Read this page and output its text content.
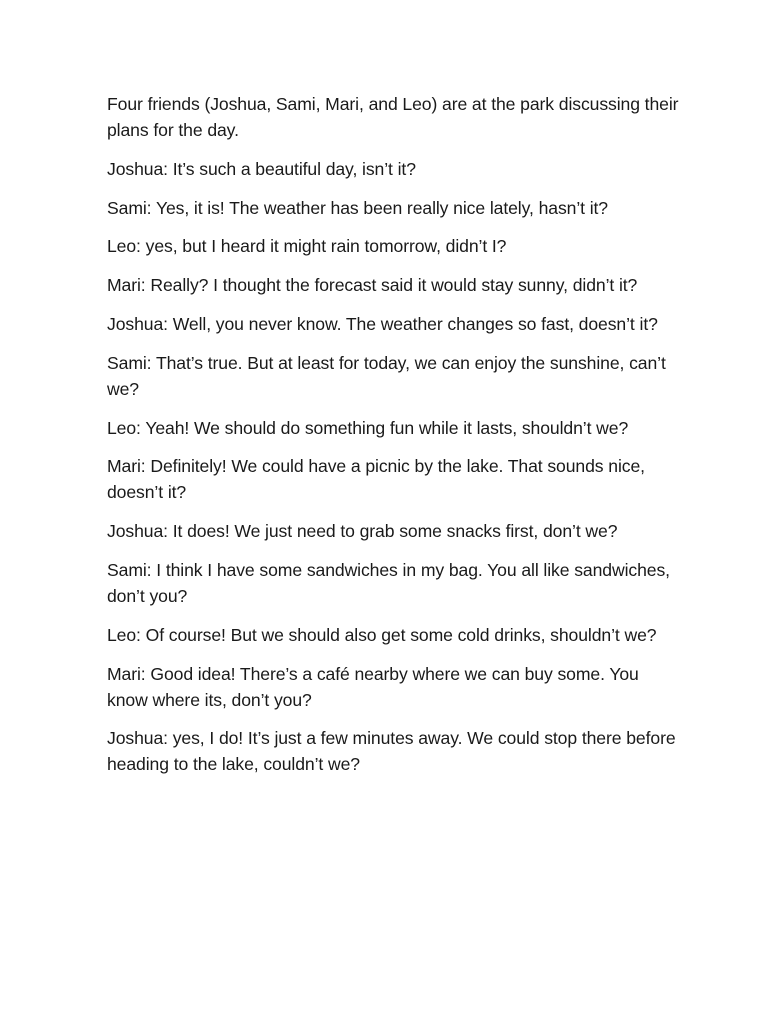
Four friends (Joshua, Sami, Mari, and Leo) are at the park discussing their plans for the day.

Joshua: It’s such a beautiful day, isn’t it?

Sami: Yes, it is! The weather has been really nice lately, hasn’t it?

Leo: yes, but I heard it might rain tomorrow, didn’t I?

Mari: Really? I thought the forecast said it would stay sunny, didn’t it?

Joshua: Well, you never know. The weather changes so fast, doesn’t it?

Sami: That’s true. But at least for today, we can enjoy the sunshine, can’t we?

Leo: Yeah! We should do something fun while it lasts, shouldn’t we?

Mari: Definitely! We could have a picnic by the lake. That sounds nice, doesn’t it?

Joshua: It does! We just need to grab some snacks first, don’t we?

Sami: I think I have some sandwiches in my bag. You all like sandwiches, don’t you?

Leo: Of course! But we should also get some cold drinks, shouldn’t we?

Mari: Good idea! There’s a café nearby where we can buy some. You know where its, don’t you?

Joshua: yes, I do! It’s just a few minutes away. We could stop there before heading to the lake, couldn’t we?
